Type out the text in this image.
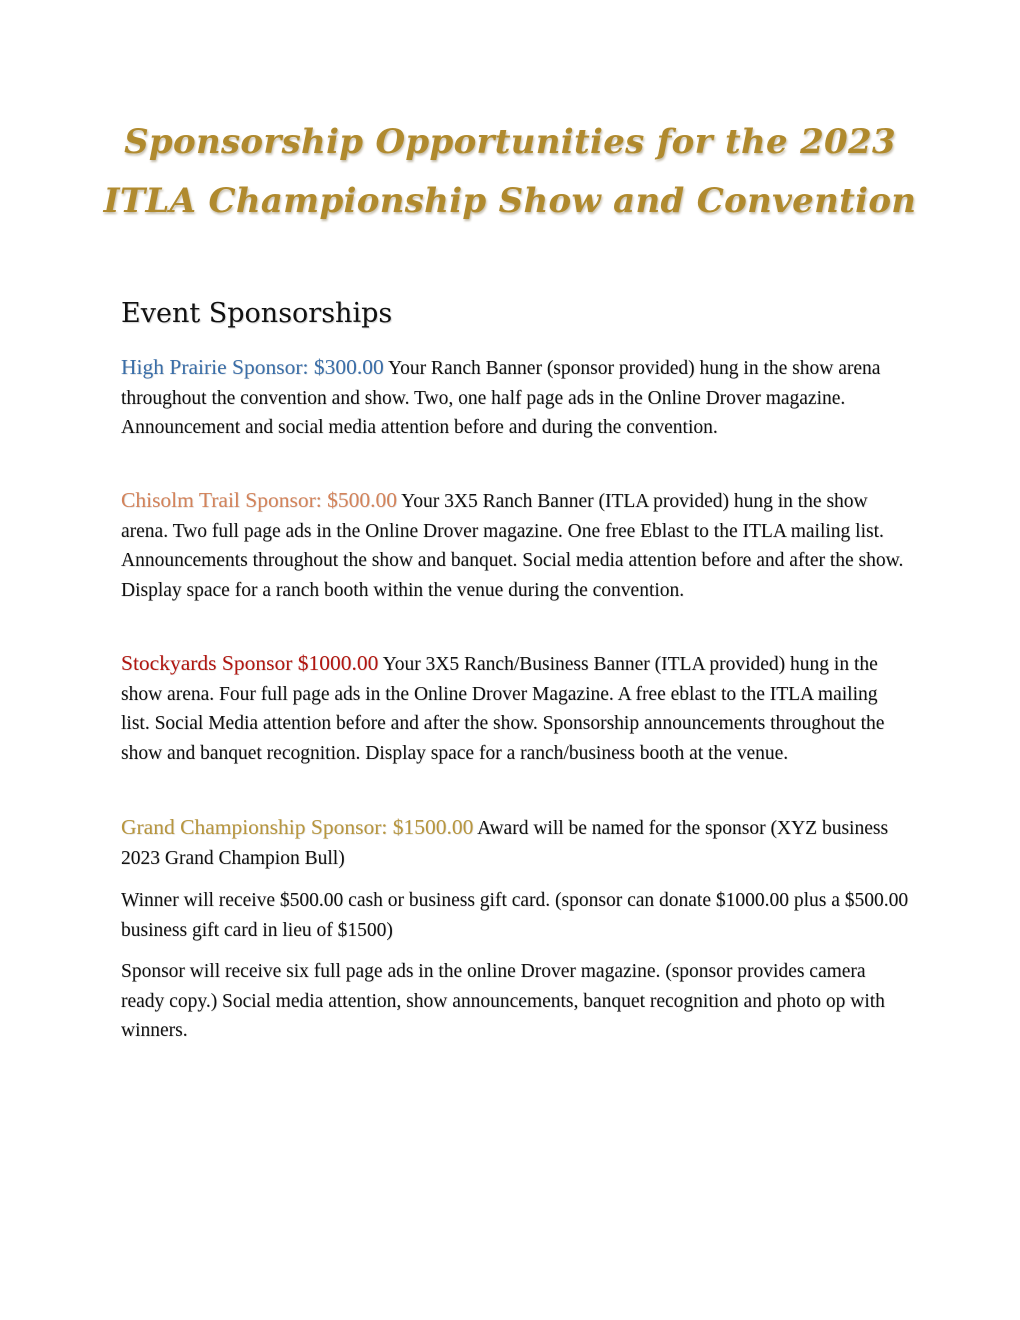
Sponsorship Opportunities for the 2023
ITLA Championship Show and Convention
Event Sponsorships

High Prairie Sponsor: $300.00 Your Ranch Banner (sponsor provided) hung in the show arena throughout the convention and show. Two, one half page ads in the Online Drover magazine. Announcement and social media attention before and during the convention.

Chisolm Trail Sponsor: $500.00 Your 3X5 Ranch Banner (ITLA provided) hung in the show arena. Two full page ads in the Online Drover magazine. One free Eblast to the ITLA mailing list. Announcements throughout the show and banquet. Social media attention before and after the show. Display space for a ranch booth within the venue during the convention.

Stockyards Sponsor $1000.00 Your 3X5 Ranch/Business Banner (ITLA provided) hung in the show arena. Four full page ads in the Online Drover Magazine. A free eblast to the ITLA mailing list. Social Media attention before and after the show. Sponsorship announcements throughout the show and banquet recognition. Display space for a ranch/business booth at the venue.

Grand Championship Sponsor: $1500.00 Award will be named for the sponsor (XYZ business 2023 Grand Champion Bull)

Winner will receive $500.00 cash or business gift card. (sponsor can donate $1000.00 plus a $500.00 business gift card in lieu of $1500)

Sponsor will receive six full page ads in the online Drover magazine. (sponsor provides camera ready copy.) Social media attention, show announcements, banquet recognition and photo op with winners.
